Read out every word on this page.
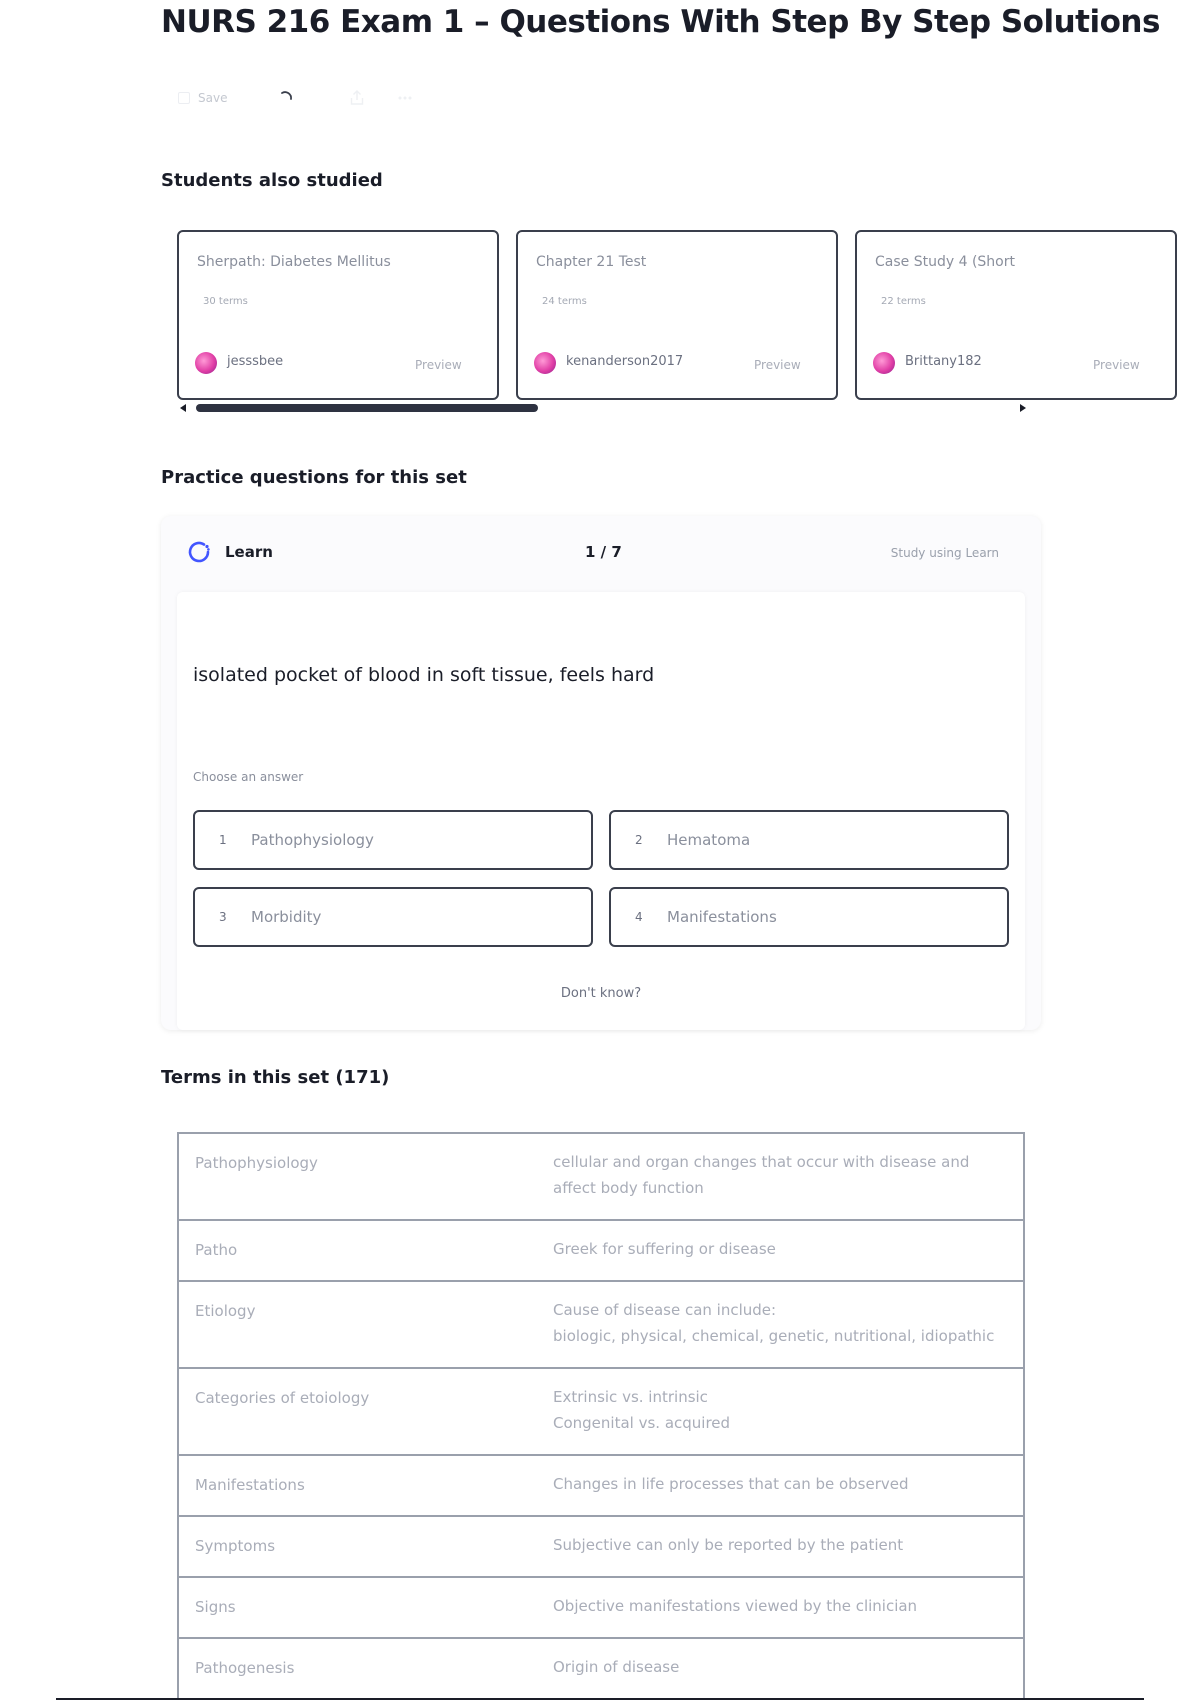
NURS 216 Exam 1 – Questions With Step By Step Solutions
Save
Students also studied
Sherpath: Diabetes Mellitus
30 terms
jesssbee	Preview
Chapter 21 Test
24 terms
kenanderson2017	Preview
Case Study 4 (Short
22 terms
Brittany182	Preview
Practice questions for this set
Learn	1 / 7	Study using Learn
isolated pocket of blood in soft tissue, feels hard
Choose an answer
1 Pathophysiology	2 Hematoma
3 Morbidity	4 Manifestations
Don't know?
Terms in this set (171)
Pathophysiology	cellular and organ changes that occur with disease and affect body function
Patho	Greek for suffering or disease
Etiology	Cause of disease can include:
biologic, physical, chemical, genetic, nutritional, idiopathic
Categories of etoiology	Extrinsic vs. intrinsic
Congenital vs. acquired
Manifestations	Changes in life processes that can be observed
Symptoms	Subjective can only be reported by the patient
Signs	Objective manifestations viewed by the clinician
Pathogenesis	Origin of disease
